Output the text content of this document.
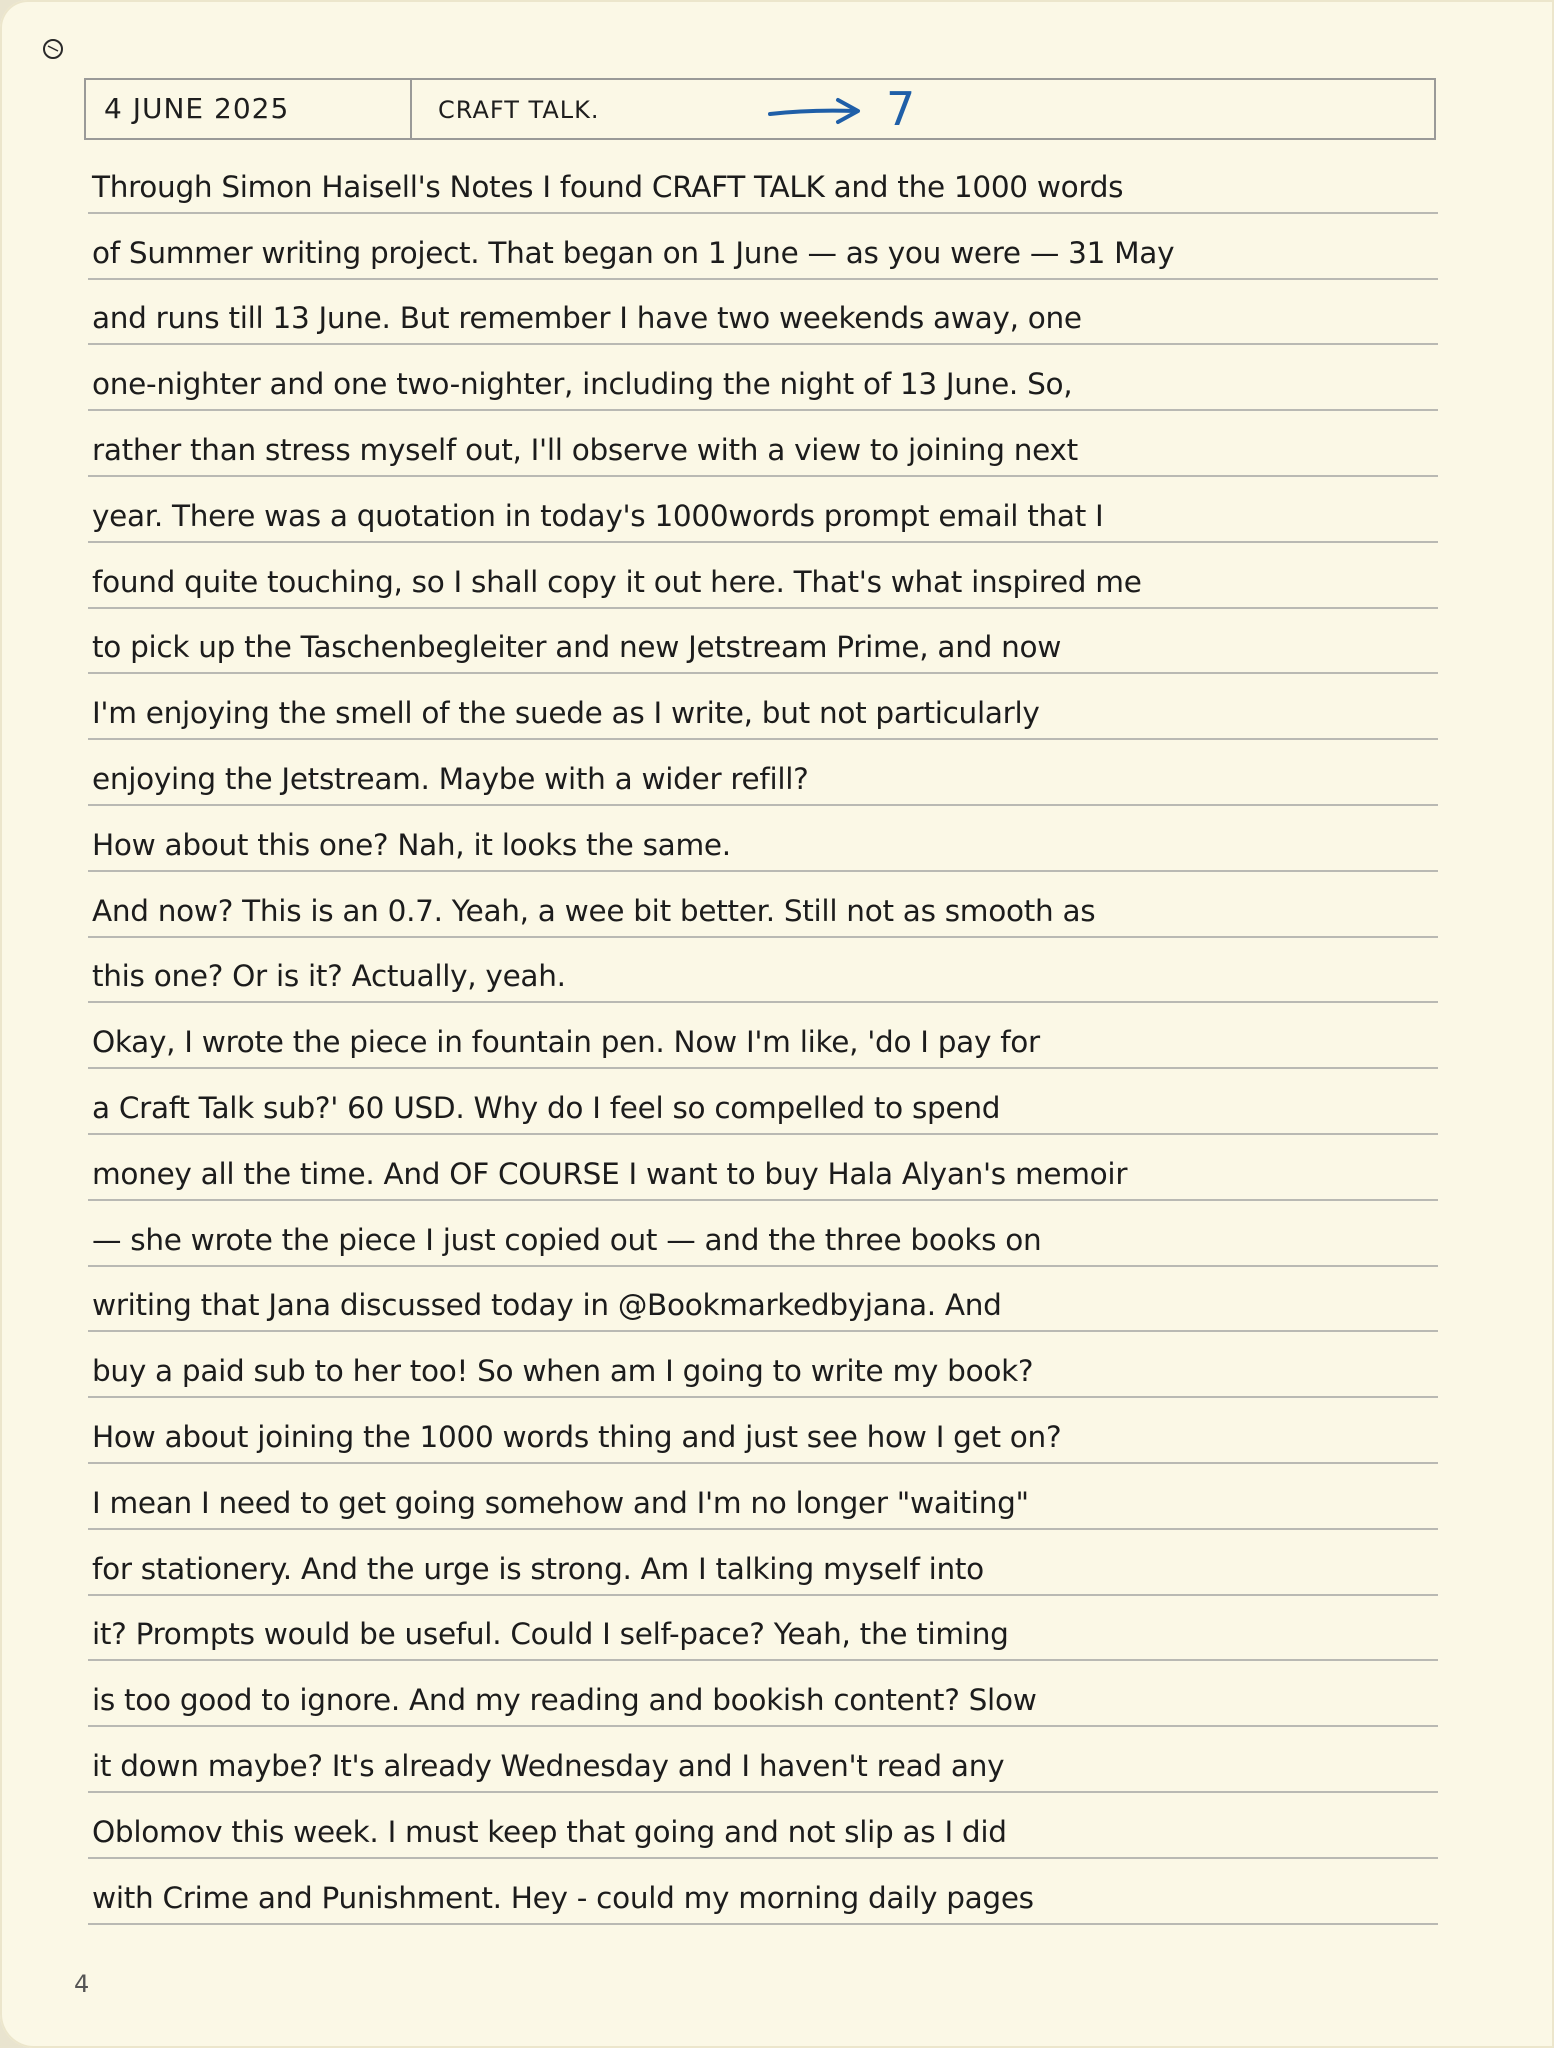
4 JUNE 2025	CRAFT TALK.	7
Through Simon Haisell's Notes I found CRAFT TALK and the 1000 words
of Summer writing project. That began on 1 June — as you were — 31 May
and runs till 13 June. But remember I have two weekends away, one
one-nighter and one two-nighter, including the night of 13 June. So,
rather than stress myself out, I'll observe with a view to joining next
year. There was a quotation in today's 1000words prompt email that I
found quite touching, so I shall copy it out here. That's what inspired me
to pick up the Taschenbegleiter and new Jetstream Prime, and now
I'm enjoying the smell of the suede as I write, but not particularly
enjoying the Jetstream. Maybe with a wider refill?
How about this one? Nah, it looks the same.
And now? This is an 0.7. Yeah, a wee bit better. Still not as smooth as
this one? Or is it? Actually, yeah.
Okay, I wrote the piece in fountain pen. Now I'm like, 'do I pay for
a Craft Talk sub?' 60 USD. Why do I feel so compelled to spend
money all the time. And OF COURSE I want to buy Hala Alyan's memoir
— she wrote the piece I just copied out — and the three books on
writing that Jana discussed today in @Bookmarkedbyjana. And
buy a paid sub to her too! So when am I going to write my book?
How about joining the 1000 words thing and just see how I get on?
I mean I need to get going somehow and I'm no longer "waiting"
for stationery. And the urge is strong. Am I talking myself into
it? Prompts would be useful. Could I self-pace? Yeah, the timing
is too good to ignore. And my reading and bookish content? Slow
it down maybe? It's already Wednesday and I haven't read any
Oblomov this week. I must keep that going and not slip as I did
with Crime and Punishment. Hey - could my morning daily pages
4
